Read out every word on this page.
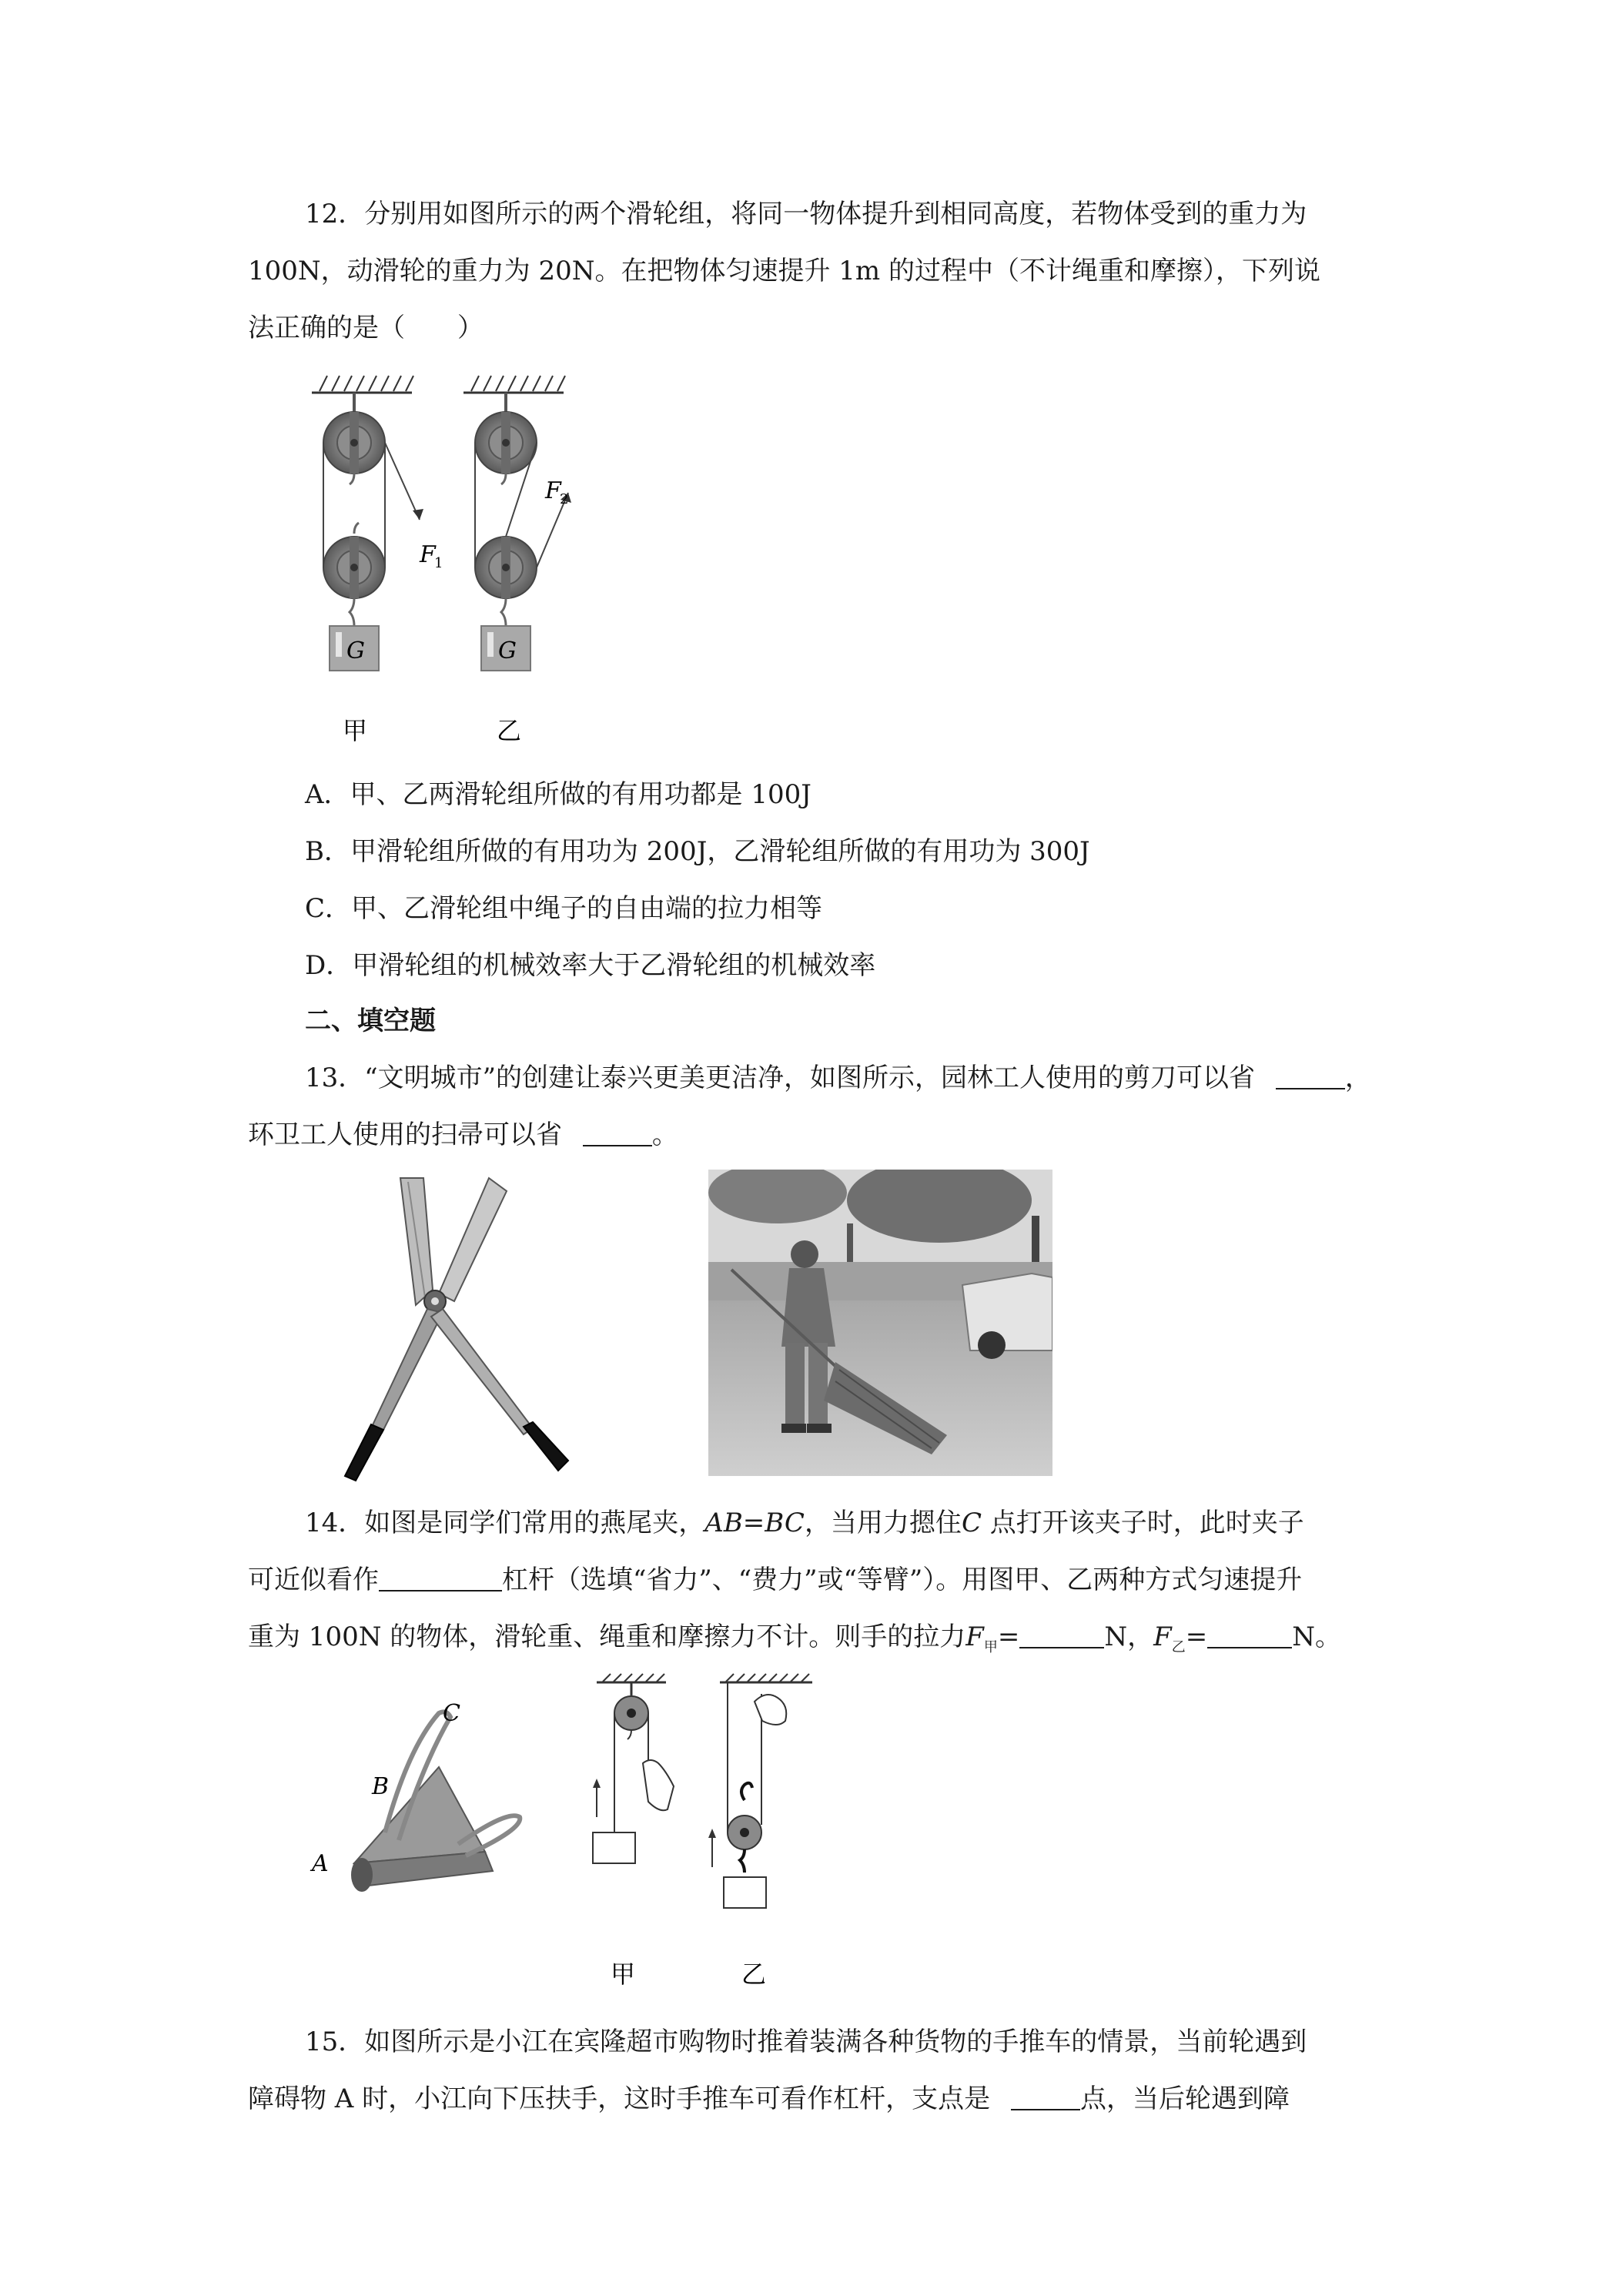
12．分别用如图所示的两个滑轮组，将同一物体提升到相同高度，若物体受到的重力为
100N，动滑轮的重力为 20N。在把物体匀速提升 1m 的过程中（不计绳重和摩擦），下列说
法正确的是（　　）
F
1
G
F
2
G
甲	乙
A．甲、乙两滑轮组所做的有用功都是 100J
B．甲滑轮组所做的有用功为 200J，乙滑轮组所做的有用功为 300J
C．甲、乙滑轮组中绳子的自由端的拉力相等
D．甲滑轮组的机械效率大于乙滑轮组的机械效率
二、填空题
13．“文明城市”的创建让泰兴更美更洁净，如图所示，园林工人使用的剪刀可以省	，
环卫工人使用的扫帚可以省	。
14．如图是同学们常用的燕尾夹，AB=BC，当用力摁住C 点打开该夹子时，此时夹子
可近似看作	杠杆（选填“省力”、“费力”或“等臂”）。用图甲、乙两种方式匀速提升
重为 100N 的物体，滑轮重、绳重和摩擦力不计。则手的拉力$F_甲=$	N，$F_乙=$	N。
C
B
A
甲	乙
15．如图所示是小江在宾隆超市购物时推着装满各种货物的手推车的情景，当前轮遇到
障碍物 A 时，小江向下压扶手，这时手推车可看作杠杆，支点是	点，当后轮遇到障
